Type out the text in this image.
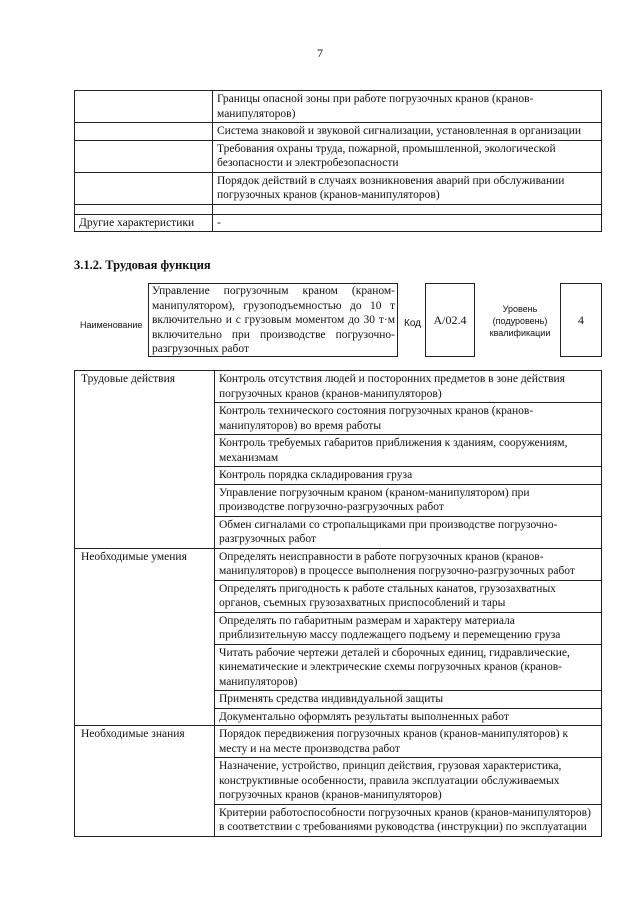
7
	Границы опасной зоны при работе погрузочных кранов (кранов-манипуляторов)
	Система знаковой и звуковой сигнализации, установленная в организации
	Требования охраны труда, пожарной, промышленной, экологической безопасности и электробезопасности
	Порядок действий в случаях возникновения аварий при обслуживании погрузочных кранов (кранов-манипуляторов)

Другие характеристики	-
3.1.2. Трудовая функция
Наименование
Управление погрузочным краном (краном-манипулятором), грузоподъемностью до 10 т включительно и с грузовым моментом до 30 т·м включительно при производстве погрузочно-разгрузочных работ
Код	А/02.4
Уровень (подуровень) квалификации
4
Трудовые действия	Контроль отсутствия людей и посторонних предметов в зоне действия погрузочных кранов (кранов-манипуляторов)
	Контроль технического состояния погрузочных кранов (кранов-манипуляторов) во время работы
	Контроль требуемых габаритов приближения к зданиям, сооружениям, механизмам
	Контроль порядка складирования груза
	Управление погрузочным краном (краном-манипулятором) при производстве погрузочно-разгрузочных работ
	Обмен сигналами со стропальщиками при производстве погрузочно-разгрузочных работ
Необходимые умения	Определять неисправности в работе погрузочных кранов (кранов-манипуляторов) в процессе выполнения погрузочно-разгрузочных работ
	Определять пригодность к работе стальных канатов, грузозахватных органов, съемных грузозахватных приспособлений и тары
	Определять по габаритным размерам и характеру материала приблизительную массу подлежащего подъему и перемещению груза
	Читать рабочие чертежи деталей и сборочных единиц, гидравлические, кинематические и электрические схемы погрузочных кранов (кранов-манипуляторов)
	Применять средства индивидуальной защиты
	Документально оформлять результаты выполненных работ
Необходимые знания	Порядок передвижения погрузочных кранов (кранов-манипуляторов) к месту и на месте производства работ
	Назначение, устройство, принцип действия, грузовая характеристика, конструктивные особенности, правила эксплуатации обслуживаемых погрузочных кранов (кранов-манипуляторов)
	Критерии работоспособности погрузочных кранов (кранов-манипуляторов) в соответствии с требованиями руководства (инструкции) по эксплуатации
